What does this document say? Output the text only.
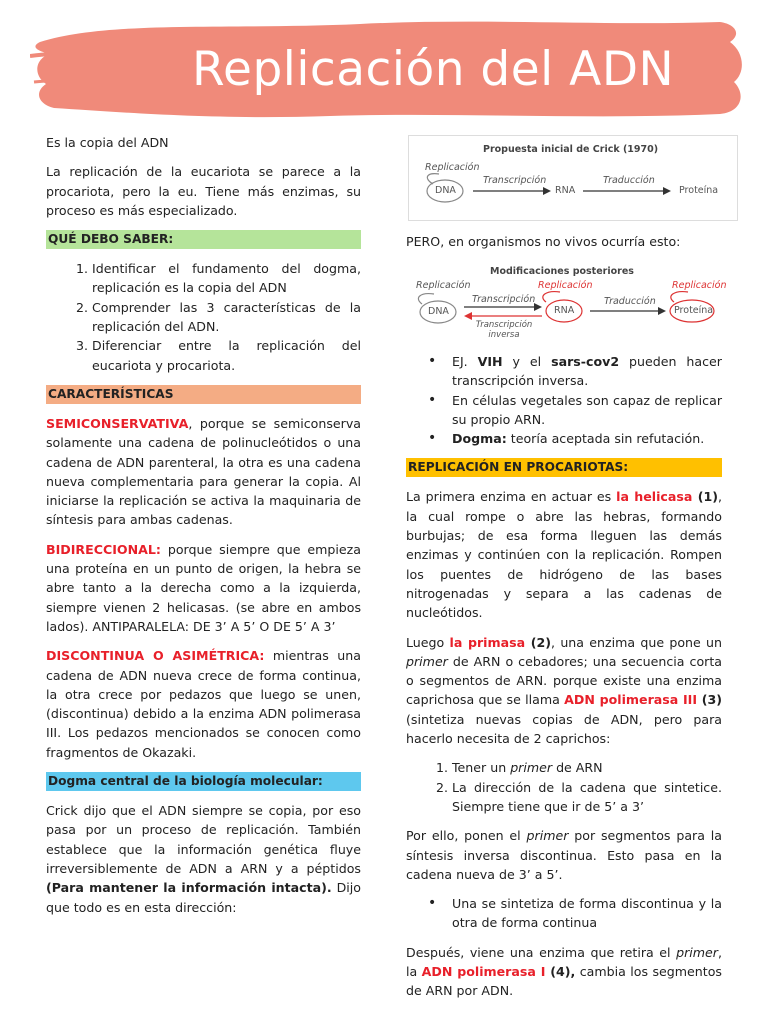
Replicación del ADN

Es la copia del ADN

La replicación de la eucariota se parece a la procariota, pero la eu. Tiene más enzimas, su proceso es más especializado.

QUÉ DEBO SABER:
1. Identificar el fundamento del dogma, replicación es la copia del ADN
2. Comprender las 3 características de la replicación del ADN.
3. Diferenciar entre la replicación del eucariota y procariota.
CARACTERÍSTICAS

SEMICONSERVATIVA, porque se semiconserva solamente una cadena de polinucleótidos o una cadena de ADN parenteral, la otra es una cadena nueva complementaria para generar la copia. Al iniciarse la replicación se activa la maquinaria de síntesis para ambas cadenas.

BIDIRECCIONAL: porque siempre que empieza una proteína en un punto de origen, la hebra se abre tanto a la derecha como a la izquierda, siempre vienen 2 helicasas. (se abre en ambos lados). ANTIPARALELA: DE 3’ A 5’ O DE 5’ A 3’

DISCONTINUA O ASIMÉTRICA: mientras una cadena de ADN nueva crece de forma continua, la otra crece por pedazos que luego se unen, (discontinua) debido a la enzima ADN polimerasa III. Los pedazos mencionados se conocen como fragmentos de Okazaki.

Dogma central de la biología molecular:

Crick dijo que el ADN siempre se copia, por eso pasa por un proceso de replicación. También establece que la información genética fluye irreversiblemente de ADN a ARN y a péptidos (Para mantener la información intacta). Dijo que todo es en esta dirección:

Propuesta inicial de Crick (1970)
Replicación
DNA
Transcripción
RNA
Traducción
Proteína
PERO, en organismos no vivos ocurría esto:
Modificaciones posteriores
Replicación
DNA
Transcripción
Transcripción inversa
Replicación
RNA
Traducción
Replicación
Proteína
• EJ. VIH y el sars-cov2 pueden hacer transcripción inversa.
• En células vegetales son capaz de replicar su propio ARN.
• Dogma: teoría aceptada sin refutación.
REPLICACIÓN EN PROCARIOTAS:

La primera enzima en actuar es la helicasa (1), la cual rompe o abre las hebras, formando burbujas; de esa forma lleguen las demás enzimas y continúen con la replicación. Rompen los puentes de hidrógeno de las bases nitrogenadas y separa a las cadenas de nucleótidos.

Luego la primasa (2), una enzima que pone un primer de ARN o cebadores; una secuencia corta o segmentos de ARN. porque existe una enzima caprichosa que se llama ADN polimerasa III (3) (sintetiza nuevas copias de ADN, pero para hacerlo necesita de 2 caprichos:

1. Tener un primer de ARN
2. La dirección de la cadena que sintetice. Siempre tiene que ir de 5’ a 3’

Por ello, ponen el primer por segmentos para la síntesis inversa discontinua. Esto pasa en la cadena nueva de 3’ a 5’.

• Una se sintetiza de forma discontinua y la otra de forma continua

Después, viene una enzima que retira el primer, la ADN polimerasa I (4), cambia los segmentos de ARN por ADN.
